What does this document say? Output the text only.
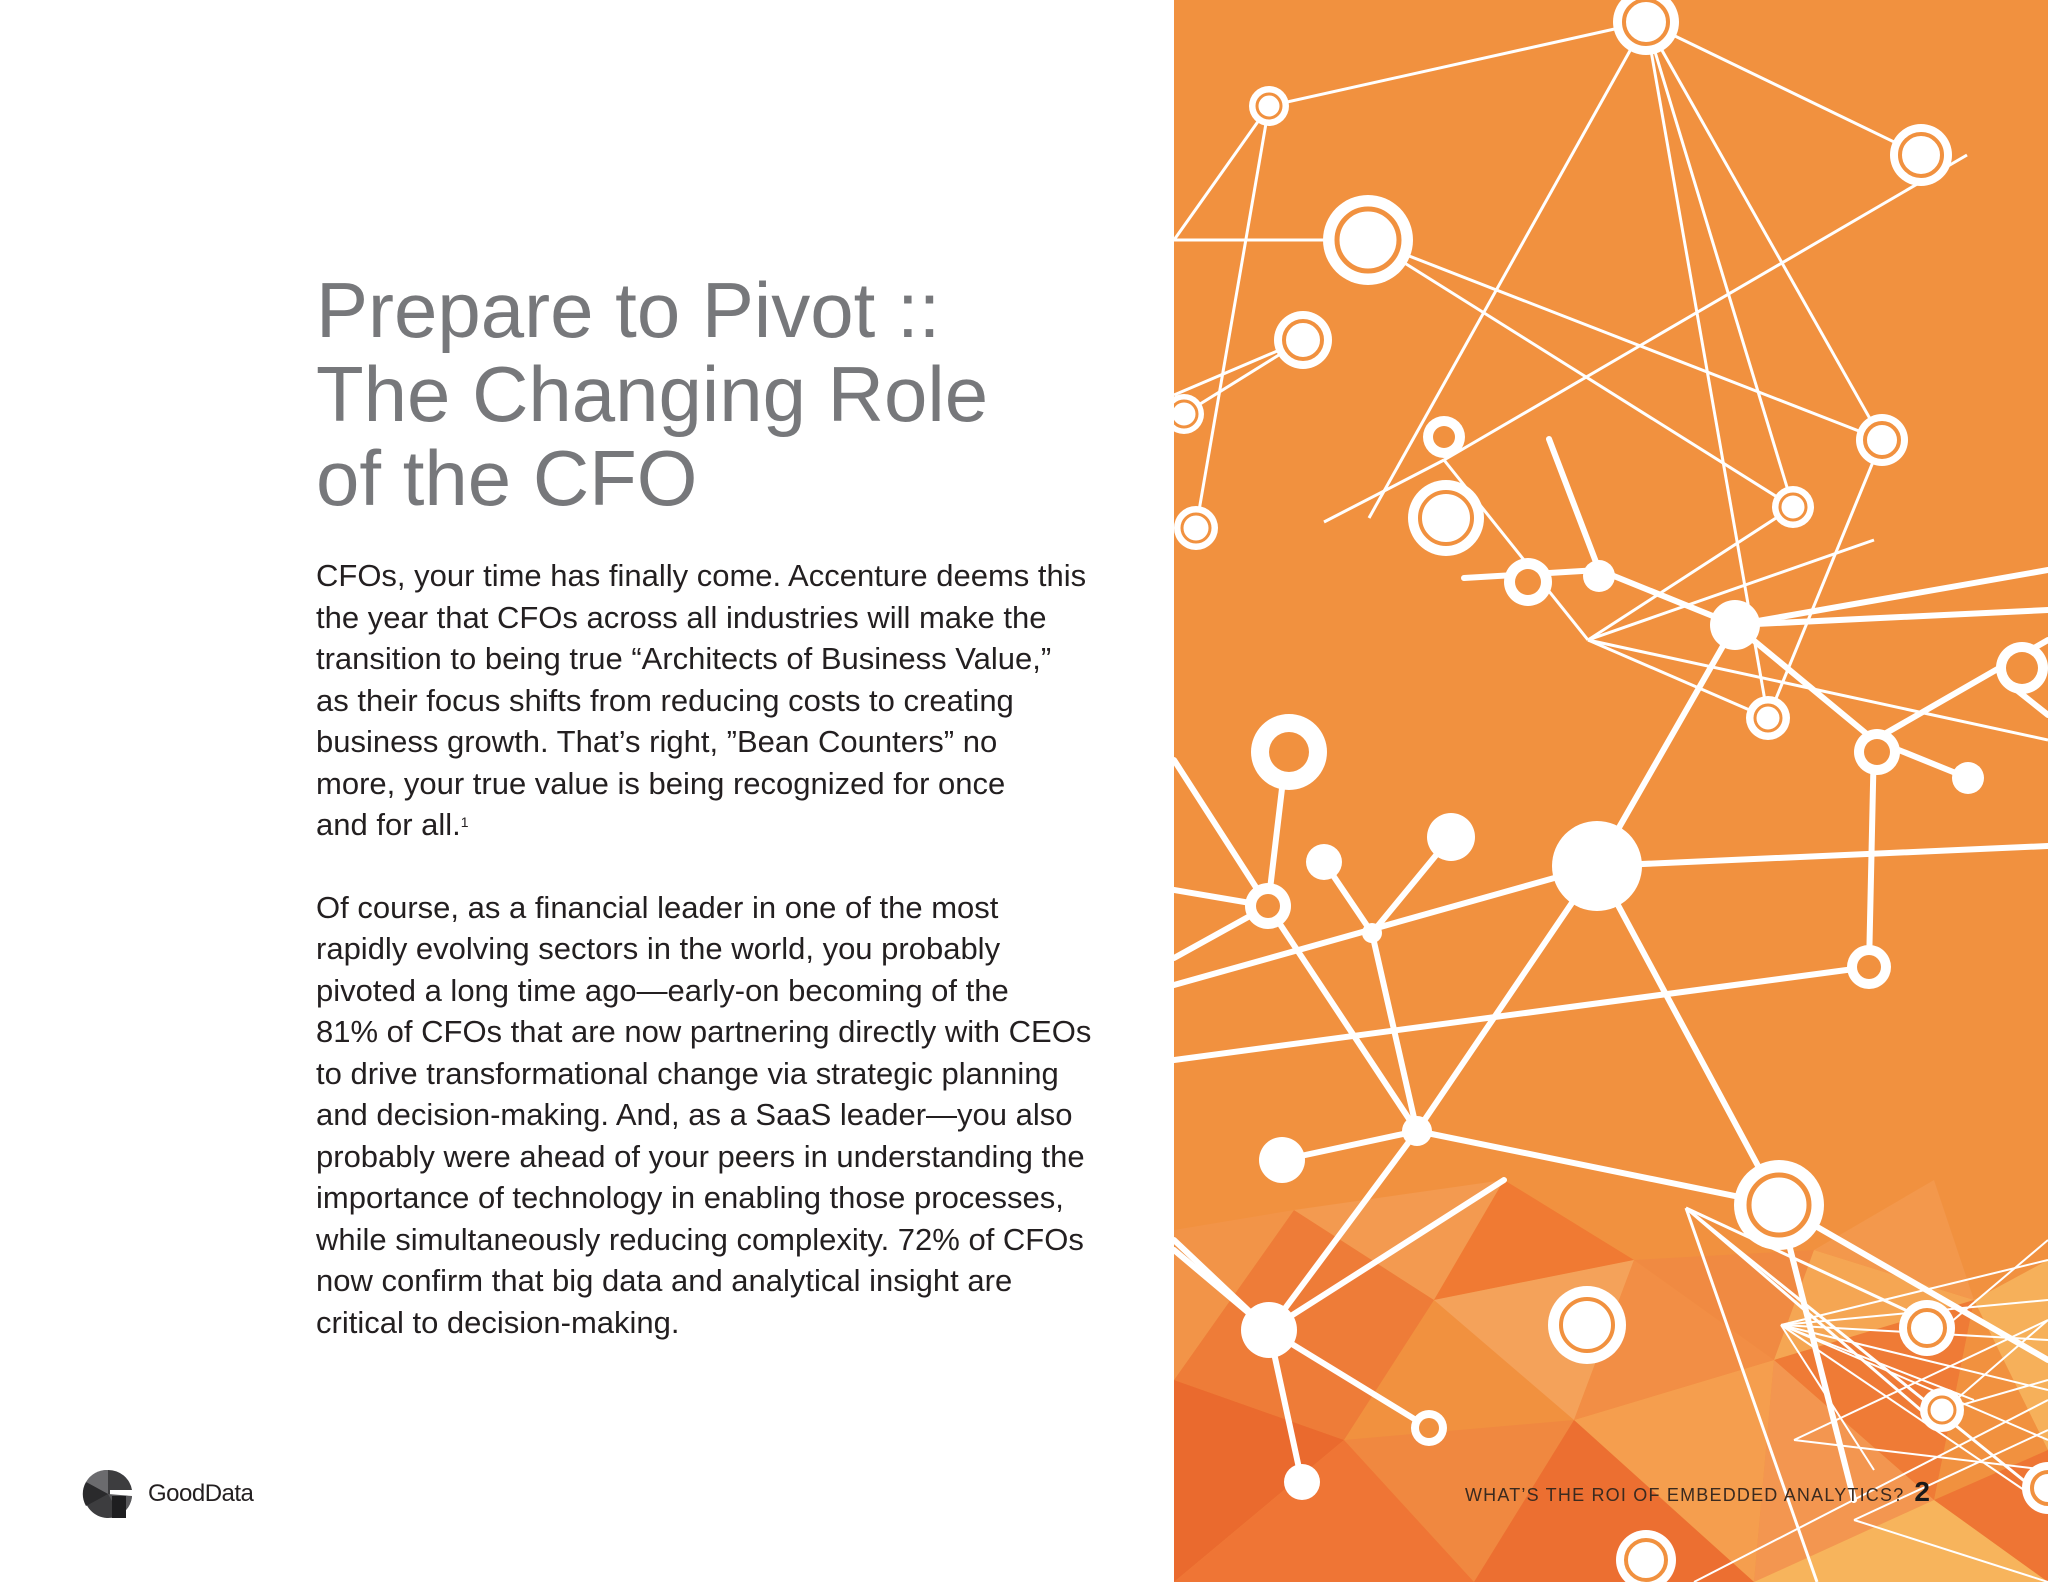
Prepare to Pivot ::
The Changing Role
of the CFO

CFOs, your time has finally come. Accenture deems this
the year that CFOs across all industries will make the
transition to being true “Architects of Business Value,”
as their focus shifts from reducing costs to creating
business growth. That’s right, ”Bean Counters” no
more, your true value is being recognized for once
and for all.$^1$

Of course, as a financial leader in one of the most
rapidly evolving sectors in the world, you probably
pivoted a long time ago—early-on becoming of the
81% of CFOs that are now partnering directly with CEOs
to drive transformational change via strategic planning
and decision-making. And, as a SaaS leader—you also
probably were ahead of your peers in understanding the
importance of technology in enabling those processes,
while simultaneously reducing complexity. 72% of CFOs
now confirm that big data and analytical insight are
critical to decision-making.

GoodData	WHAT’S THE ROI OF EMBEDDED ANALYTICS? 2
